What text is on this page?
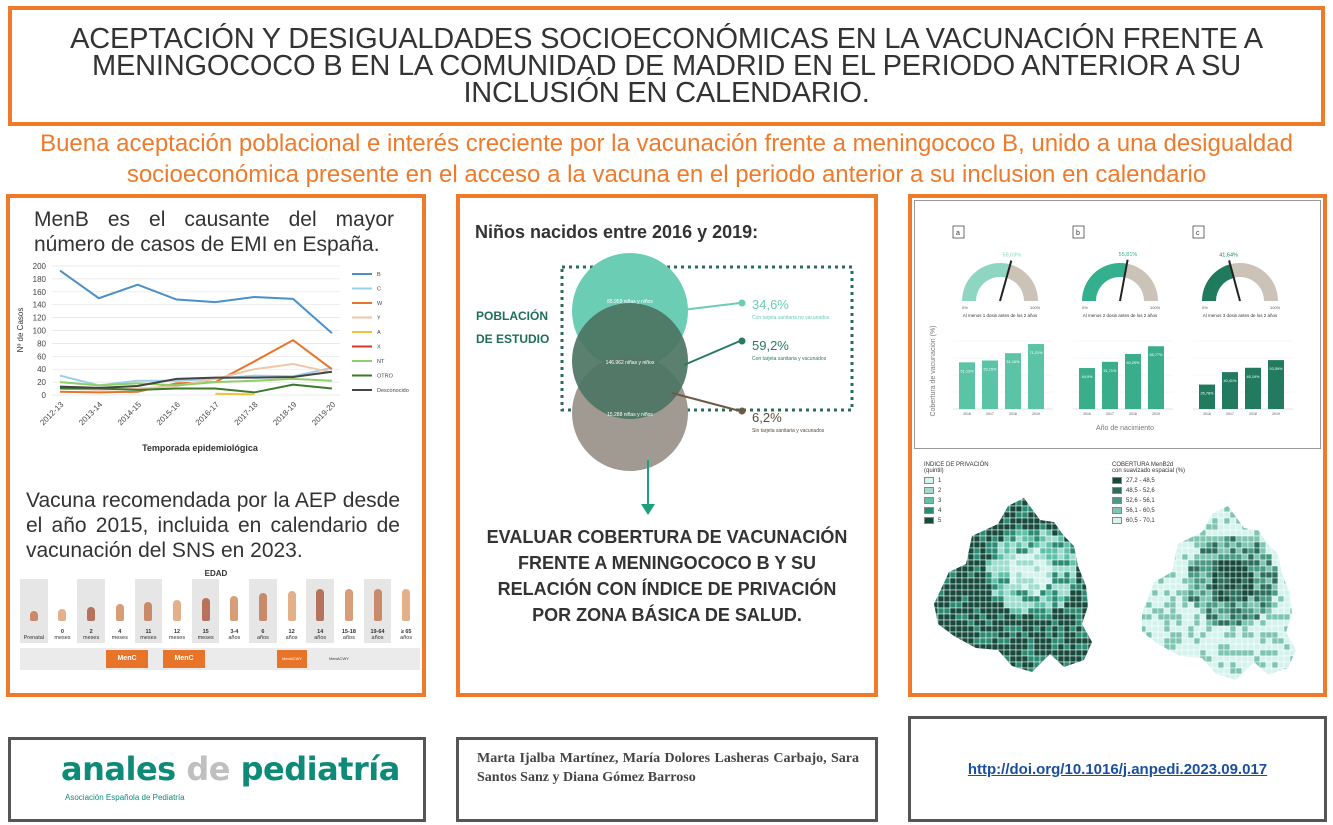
ACEPTACIÓN Y DESIGUALDADES SOCIOECONÓMICAS EN LA VACUNACIÓN FRENTE A MENINGOCOCO B EN LA COMUNIDAD DE MADRID EN EL PERIODO ANTERIOR A SU INCLUSIÓN EN CALENDARIO.
Buena aceptación poblacional e interés creciente por la vacunación frente a meningococo B, unido a una desigualdad socioeconómica presente en el acceso a la vacuna en el periodo anterior a su inclusion en calendario
MenB es el causante del mayor número de casos de EMI en España.
0
20
40
60
80
100
120
140
160
180
200
2012-13 2013-14 2014-15 2015-16 2016-17 2017-18 2018-19 2019-20
B
C
W
Y
A
X
NT
OTRO
Desconocido
Nº de Casos
Temporada epidemiológica
Vacuna recomendada por la AEP desde el año 2015, incluida en calendario de vacunación del SNS en 2023.
EDAD
Prenatal
0
meses
2
meses
4
meses
11
meses
12
meses
15
meses
3-4
años
6
años
12
años
14
años
15-18
años
19-64
años
≥ 65
años
MenC	MenC	MenACWY	MenACWY
Niños nacidos entre 2016 y 2019:
85.959 niñas y niños
146.962 niñas y niños
15.288 niñas y niños
POBLACIÓN
DE ESTUDIO
34,6%
Con tarjeta sanitaria no vacunados
59,2%
Con tarjeta sanitaria y vacunados
6,2%
Sin tarjeta sanitaria y vacunados
EVALUAR COBERTURA DE VACUNACIÓN FRENTE A MENINGOCOCO B Y SU RELACIÓN CON ÍNDICE DE PRIVACIÓN POR ZONA BÁSICA DE SALUD.
Cobertura de vacunación (%)
Año de nacimiento
a
58,69%
0%	100%
Al menos 1 dosis antes de los 2 años
51,13%
2016
53,15%
2017
61,16%
2018
71,21%
2019
b
55,81%
0%	100%
Al menos 2 dosis antes de los 2 años
44,9%
2016
51,71%
2017
60,29%
2018
68,77%
2019
c
41,64%
0%	100%
Al menos 3 dosis antes de los 2 años
26,78%
2016
40,41%
2017
45,19%
2018
53,59%
2019
INDICE DE PRIVACIÓN
(quintil)
1
2
3
4
5
COBERTURA MenB2d
con suavizado espacial (%)
27,2 - 48,5
48,5 - 52,6
52,6 - 56,1
56,1 - 60,5
60,5 - 70,1
anales de pediatría
Asociación Española de Pediatría
Marta Ijalba Martínez, María Dolores Lasheras Carbajo, Sara Santos Sanz y Diana Gómez Barroso	http://doi.org/10.1016/j.anpedi.2023.09.017
